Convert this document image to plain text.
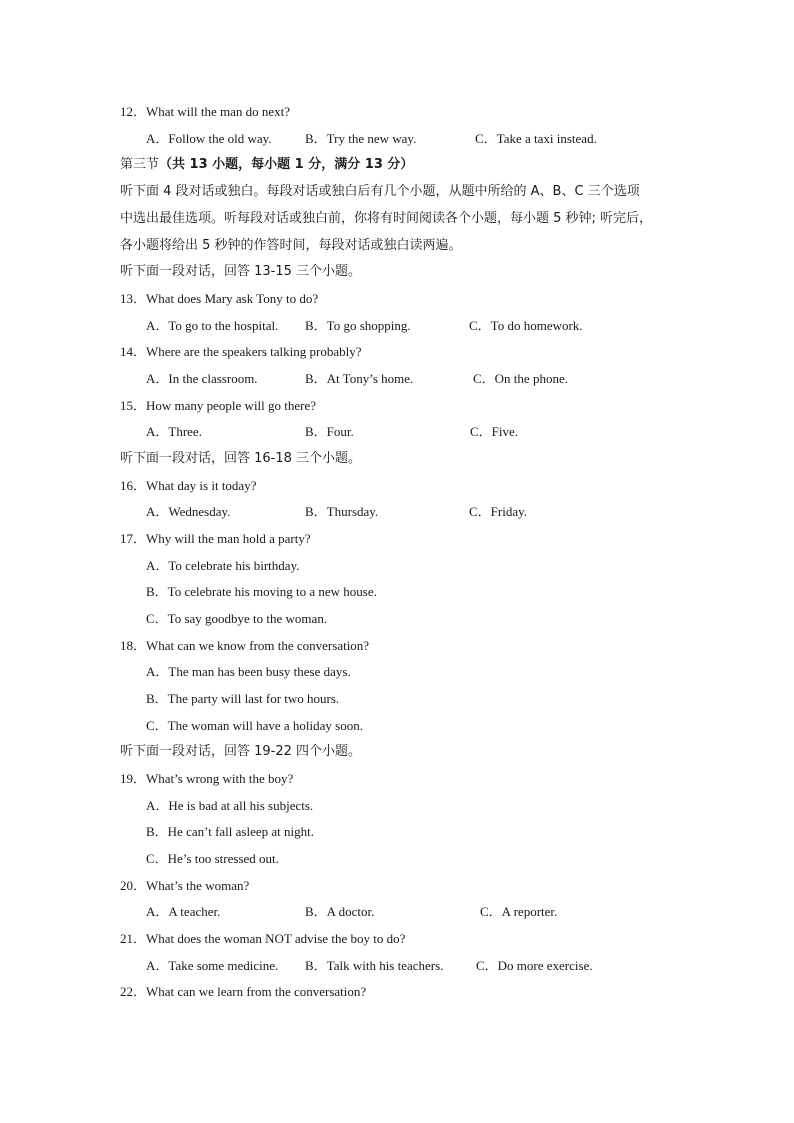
12．What will the man do next?
A．Follow the old way.	B．Try the new way.	C．Take a taxi instead.
第三节（共 13 小题，每小题 1 分，满分 13 分）
听下面 4 段对话或独白。每段对话或独白后有几个小题，从题中所给的 A、B、C 三个选项
中选出最佳选项。听每段对话或独白前，你将有时间阅读各个小题，每小题 5 秒钟; 听完后，
各小题将给出 5 秒钟的作答时间，每段对话或独白读两遍。
听下面一段对话，回答 13-15 三个小题。
13．What does Mary ask Tony to do?
A．To go to the hospital. B．To go shopping.	C．To do homework.
14．Where are the speakers talking probably?
A．In the classroom.	B．At Tony’s home.	C．On the phone.
15．How many people will go there?
A．Three.	B．Four.	C．Five.
听下面一段对话，回答 16-18 三个小题。
16．What day is it today?
A．Wednesday.	B．Thursday.	C．Friday.
17．Why will the man hold a party?
A．To celebrate his birthday.
B．To celebrate his moving to a new house.
C．To say goodbye to the woman.
18．What can we know from the conversation?
A．The man has been busy these days.
B．The party will last for two hours.
C．The woman will have a holiday soon.
听下面一段对话，回答 19-22 四个小题。
19．What’s wrong with the boy?
A．He is bad at all his subjects.
B．He can’t fall asleep at night.
C．He’s too stressed out.
20．What’s the woman?
A．A teacher.	B．A doctor.	C．A reporter.
21．What does the woman NOT advise the boy to do?
A．Take some medicine. B．Talk with his teachers.	C．Do more exercise.
22．What can we learn from the conversation?
